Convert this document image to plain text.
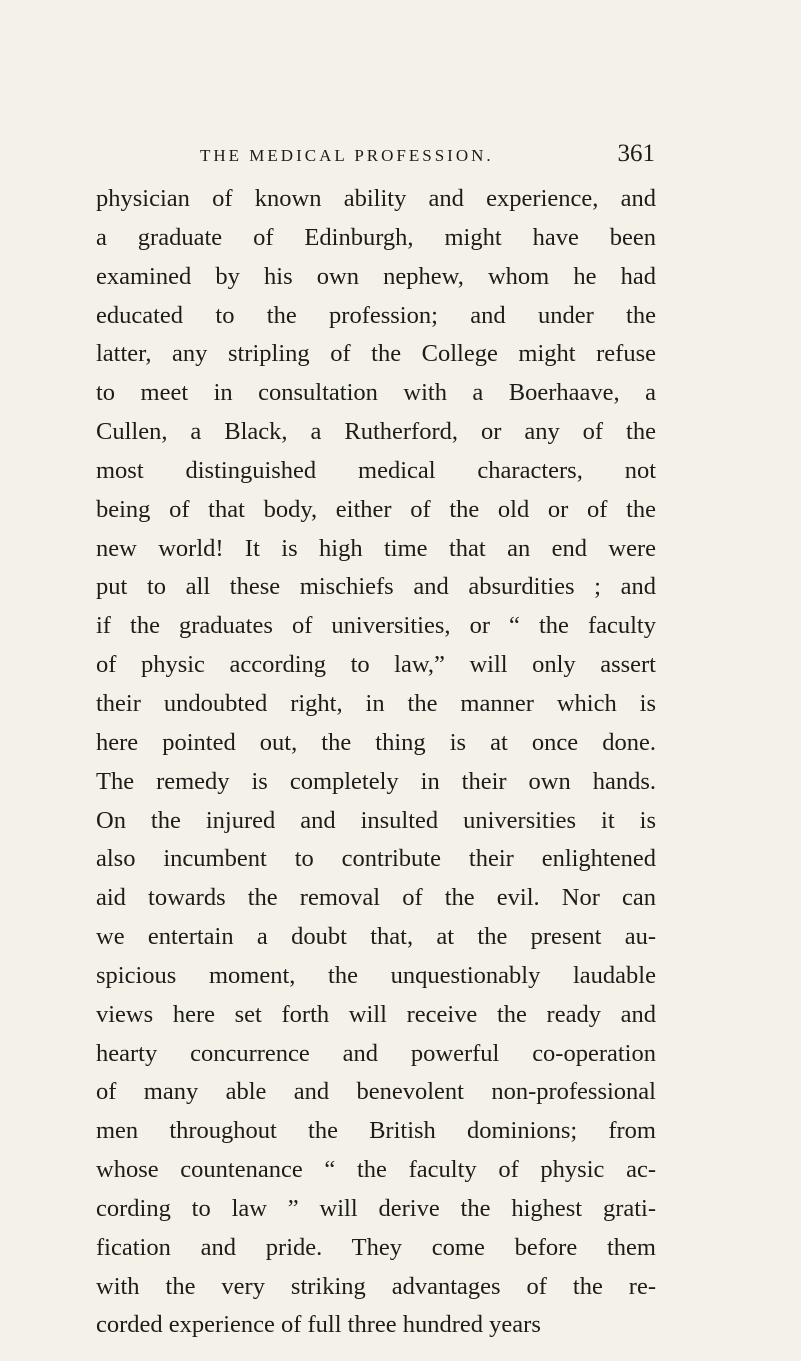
THE MEDICAL PROFESSION.	361
physician of known ability and experience, and
a graduate of Edinburgh, might have been
examined by his own nephew, whom he had
educated to the profession; and under the
latter, any stripling of the College might refuse
to meet in consultation with a Boerhaave, a
Cullen, a Black, a Rutherford, or any of the
most distinguished medical characters, not
being of that body, either of the old or of the
new world! It is high time that an end were
put to all these mischiefs and absurdities ; and
if the graduates of universities, or “ the faculty
of physic according to law,” will only assert
their undoubted right, in the manner which is
here pointed out, the thing is at once done.
The remedy is completely in their own hands.
On the injured and insulted universities it is
also incumbent to contribute their enlightened
aid towards the removal of the evil. Nor can
we entertain a doubt that, at the present au-
spicious moment, the unquestionably laudable
views here set forth will receive the ready and
hearty concurrence and powerful co-operation
of many able and benevolent non-professional
men throughout the British dominions; from
whose countenance “ the faculty of physic ac-
cording to law ” will derive the highest grati-
fication and pride. They come before them
with the very striking advantages of the re-
corded experience of full three hundred years
